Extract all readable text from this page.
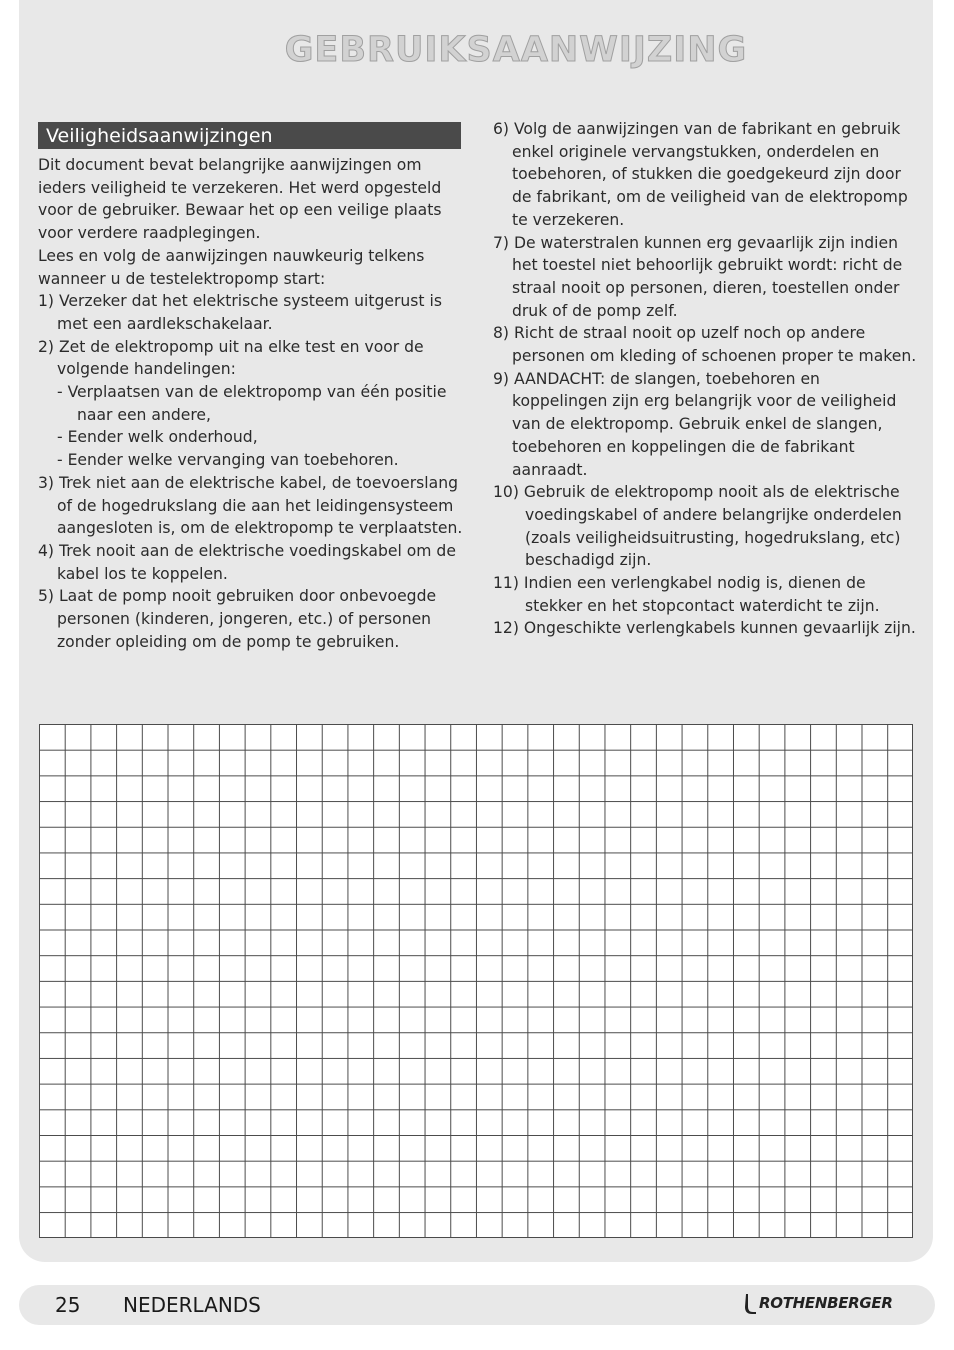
GEBRUIKSAANWIJZING
Veiligheidsaanwijzingen

Dit document bevat belangrijke aanwijzingen om ieders veiligheid te verzekeren. Het werd opgesteld voor de gebruiker. Bewaar het op een veilige plaats voor verdere raadplegingen.

Lees en volg de aanwijzingen nauwkeurig telkens wanneer u de testelektropomp start:

1) Verzeker dat het elektrische systeem uitgerust is met een aardlekschakelaar.

2) Zet de elektropomp uit na elke test en voor de volgende handelingen:

- Verplaatsen van de elektropomp van één positie naar een andere,

- Eender welk onderhoud,

- Eender welke vervanging van toebehoren.

3) Trek niet aan de elektrische kabel, de toevoerslang of de hogedrukslang die aan het leidingensysteem aangesloten is, om de elektropomp te verplaatsten.

4) Trek nooit aan de elektrische voedingskabel om de kabel los te koppelen.

5) Laat de pomp nooit gebruiken door onbevoegde personen (kinderen, jongeren, etc.) of personen zonder opleiding om de pomp te gebruiken.

6) Volg de aanwijzingen van de fabrikant en gebruik enkel originele vervangstukken, onderdelen en toebehoren, of stukken die goedgekeurd zijn door de fabrikant, om de veiligheid van de elektropomp te verzekeren.

7) De waterstralen kunnen erg gevaarlijk zijn indien het toestel niet behoorlijk gebruikt wordt: richt de straal nooit op personen, dieren, toestellen onder druk of de pomp zelf.

8) Richt de straal nooit op uzelf noch op andere personen om kleding of schoenen proper te maken.

9) AANDACHT: de slangen, toebehoren en koppelingen zijn erg belangrijk voor de veiligheid van de elektropomp. Gebruik enkel de slangen, toebehoren en koppelingen die de fabrikant aanraadt.

10) Gebruik de elektropomp nooit als de elektrische voedingskabel of andere belangrijke onderdelen (zoals veiligheidsuitrusting, hogedrukslang, etc) beschadigd zijn.

11) Indien een verlengkabel nodig is, dienen de stekker en het stopcontact waterdicht te zijn.

12) Ongeschikte verlengkabels kunnen gevaarlijk zijn.

25 NEDERLANDS	ROTHENBERGER
